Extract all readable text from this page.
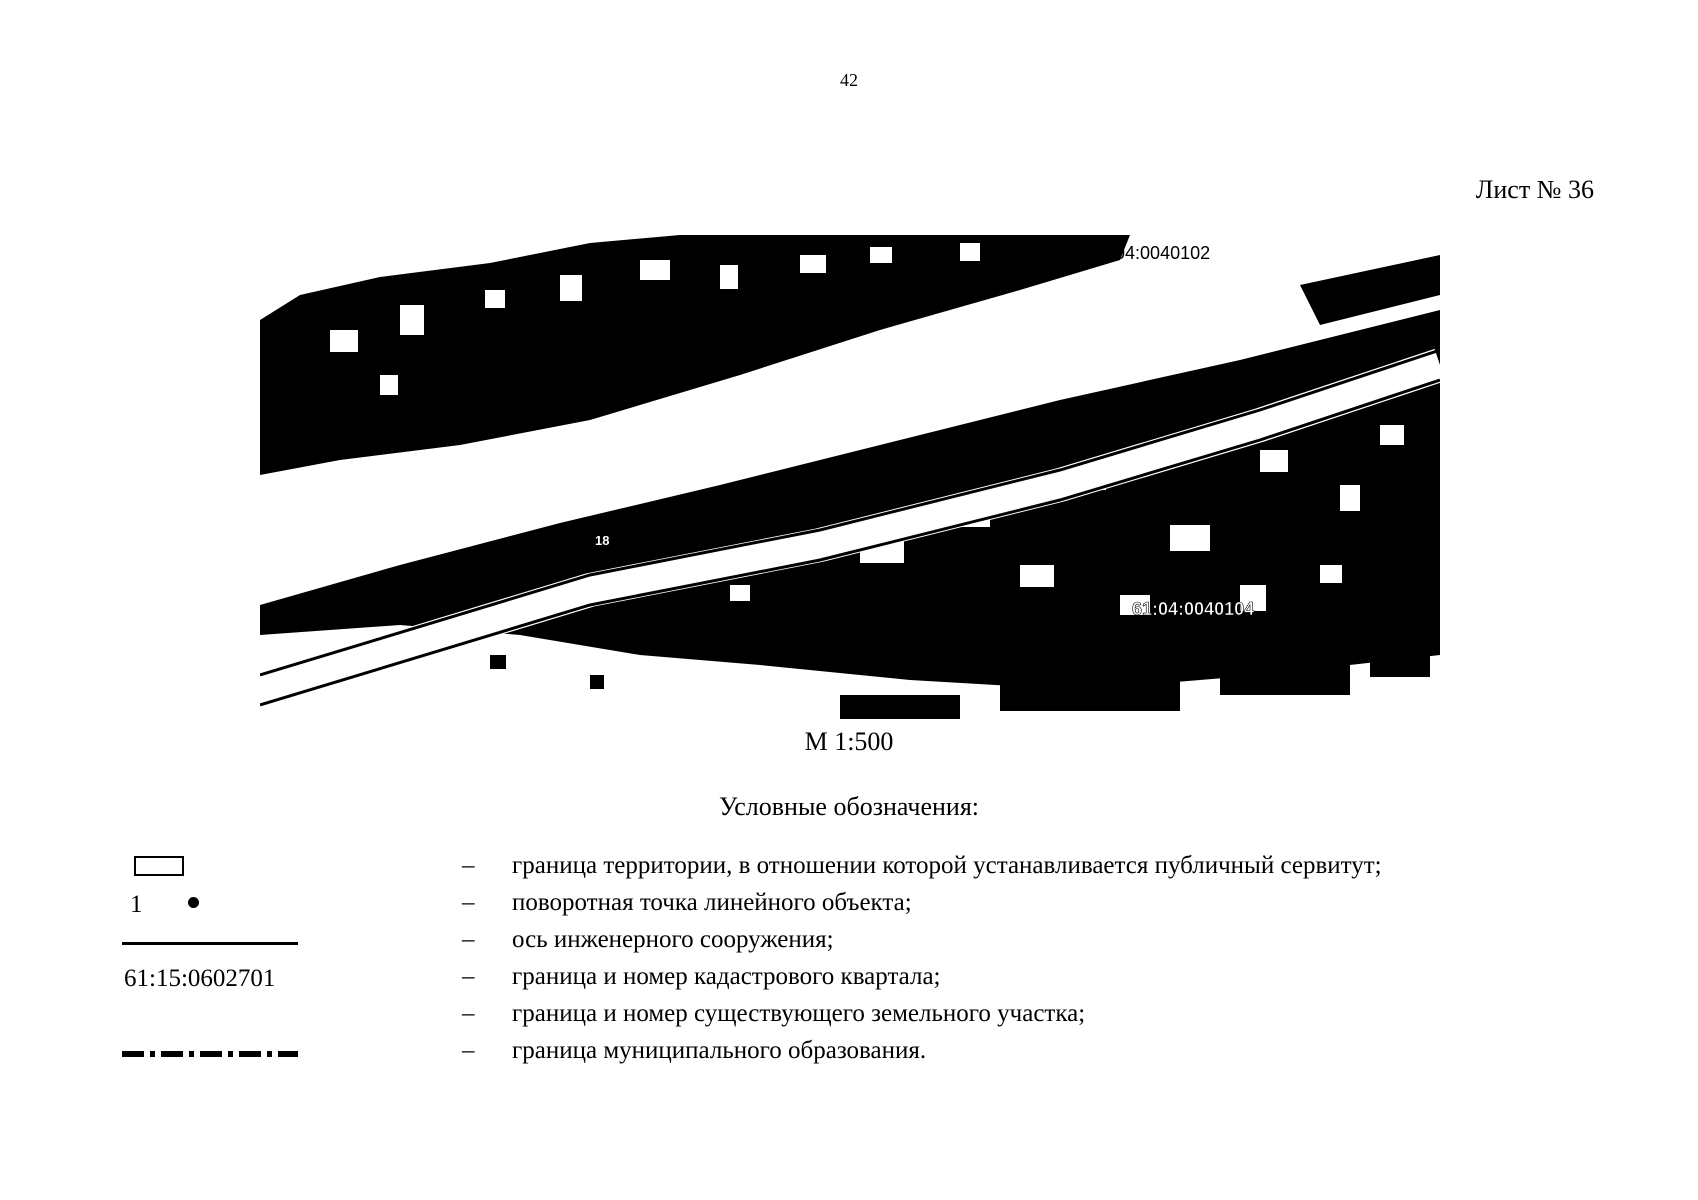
42
Лист № 36
18
61:04:0040102
61:04:0040104
М 1:500
Условные обозначения:
– граница территории, в отношении которой устанавливается публичный сервитут;
1	– поворотная точка линейного объекта;
– ось инженерного сооружения;
61:15:0602701	– граница и номер кадастрового квартала;
– граница и номер существующего земельного участка;
– граница муниципального образования.
